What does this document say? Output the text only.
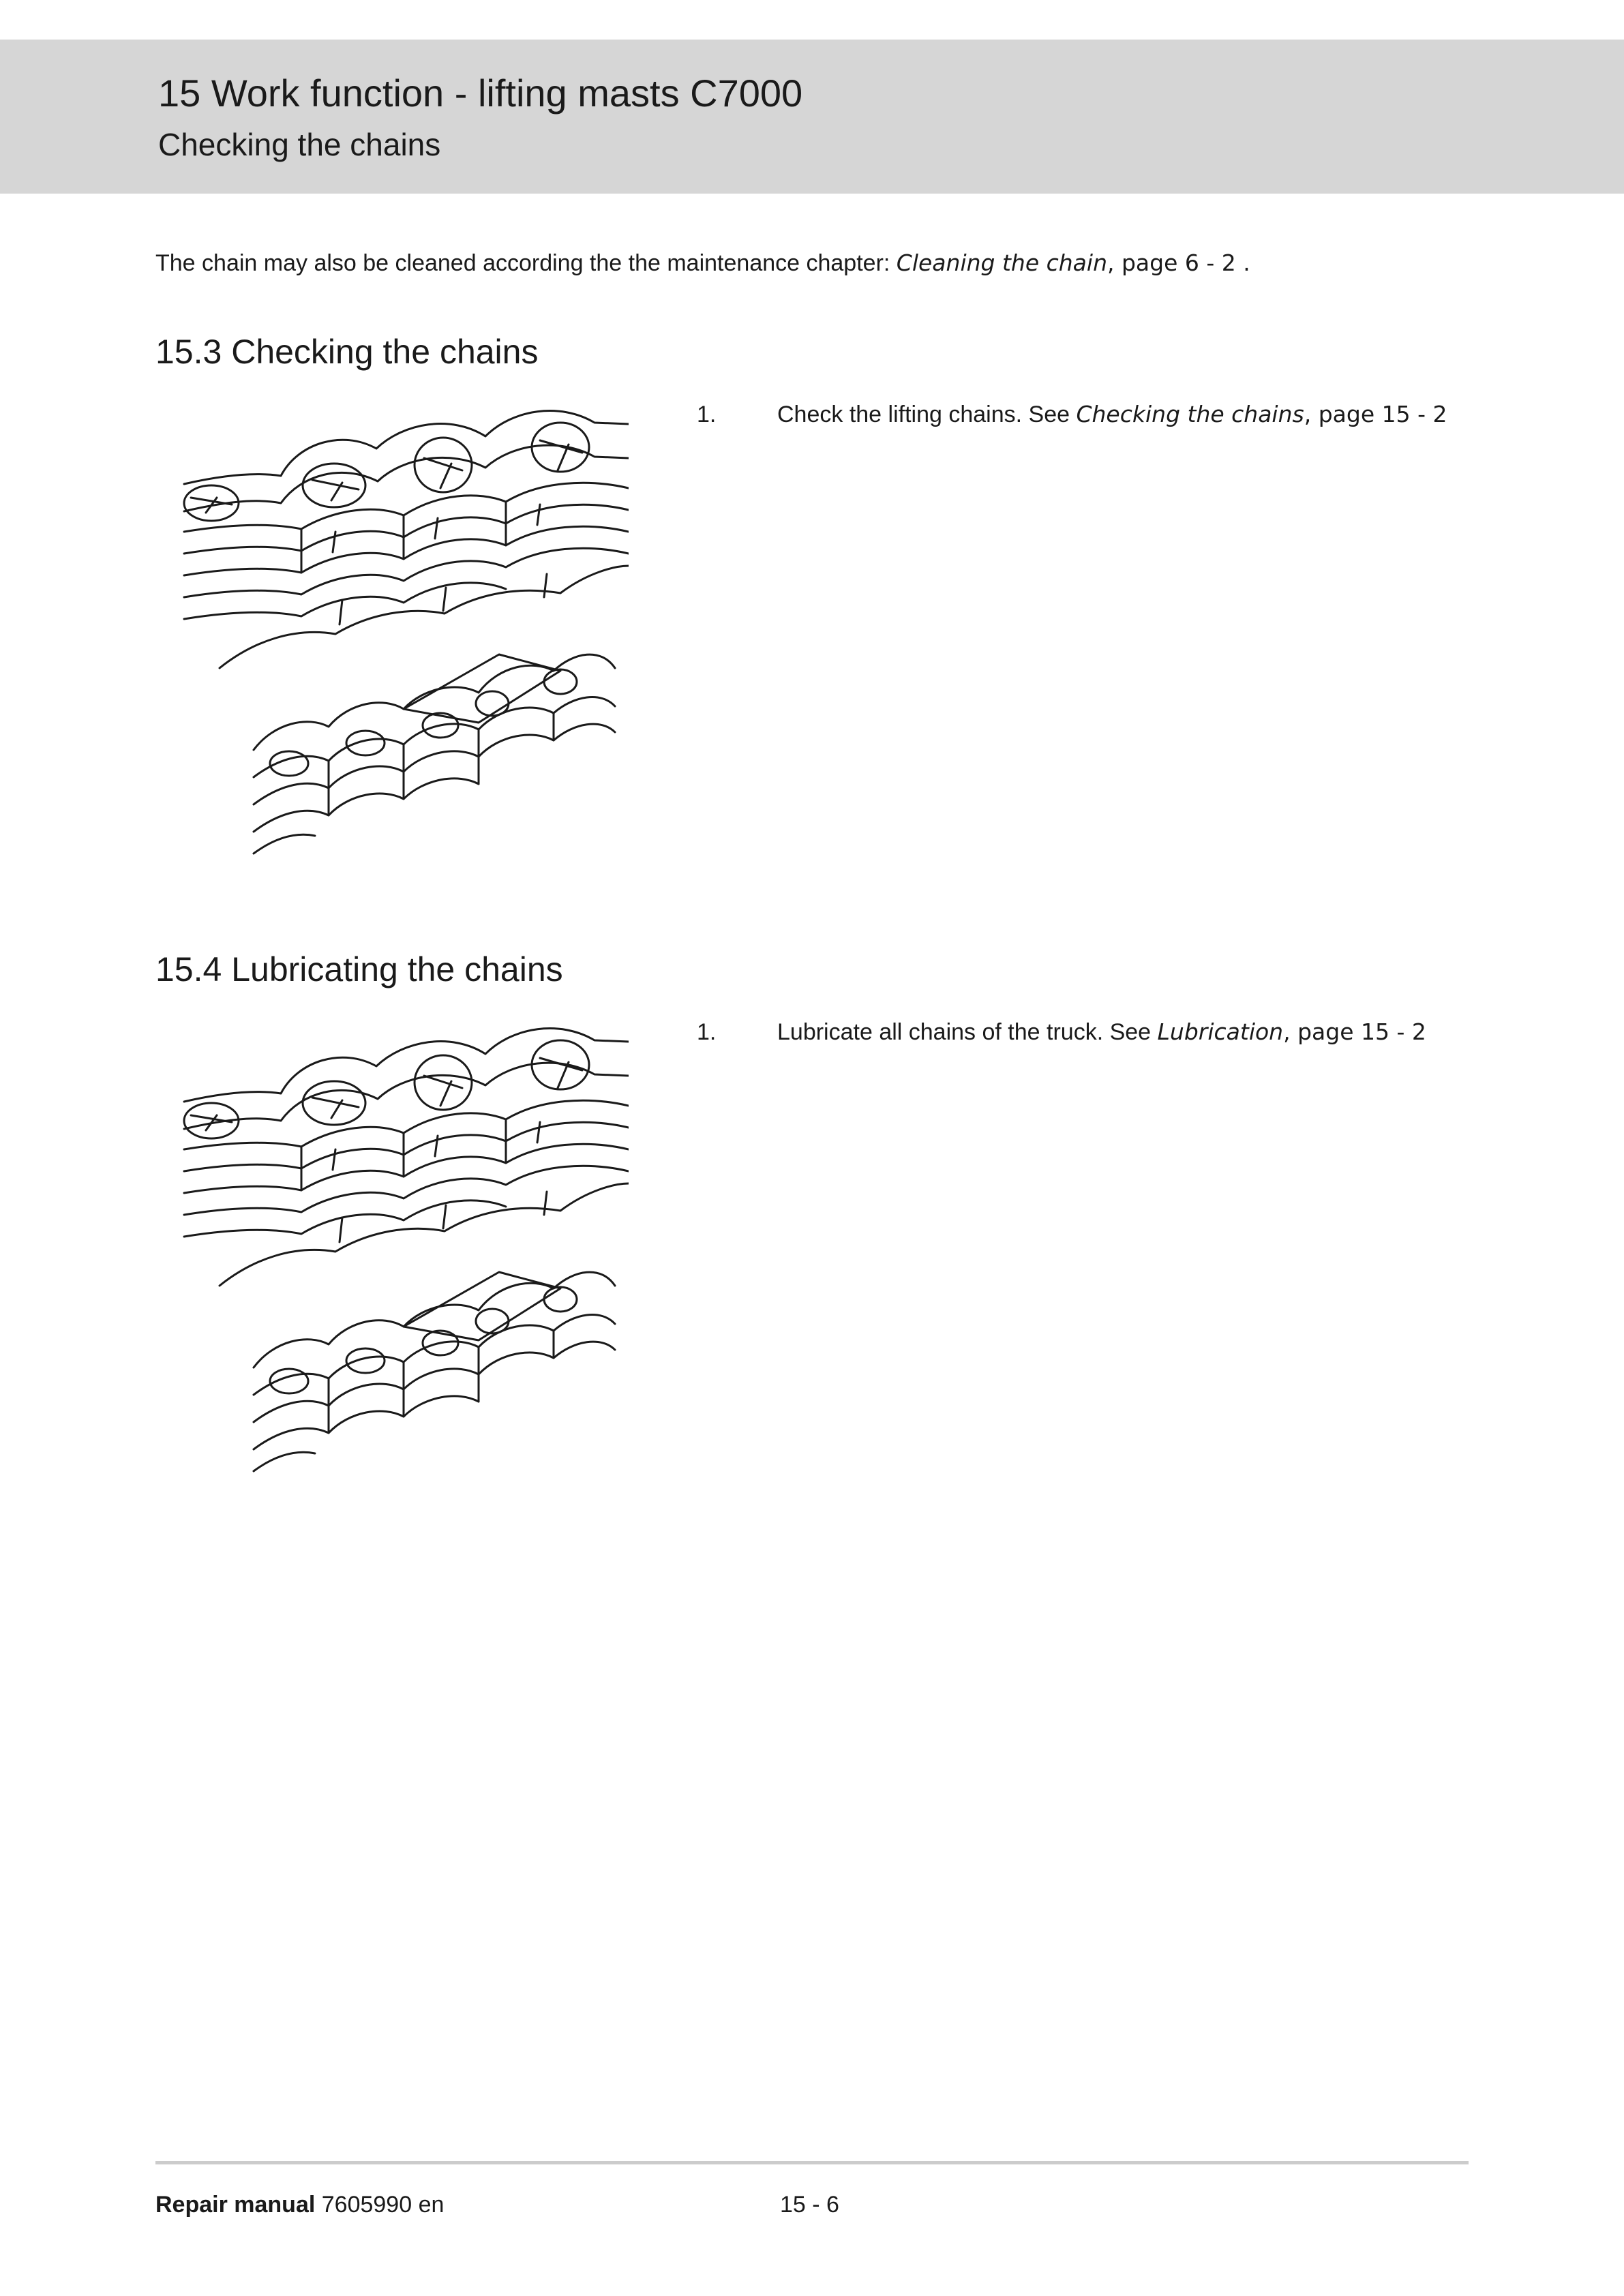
15 Work function - lifting masts C7000
Checking the chains

The chain may also be cleaned according the the maintenance chapter: Cleaning the chain, page 6 - 2 .

15.3 Checking the chains

1.	Check the lifting chains. See Checking the chains, page 15 - 2

15.4 Lubricating the chains

1.	Lubricate all chains of the truck. See Lubrication, page 15 - 2

Repair manual 7605990 en	15 - 6
